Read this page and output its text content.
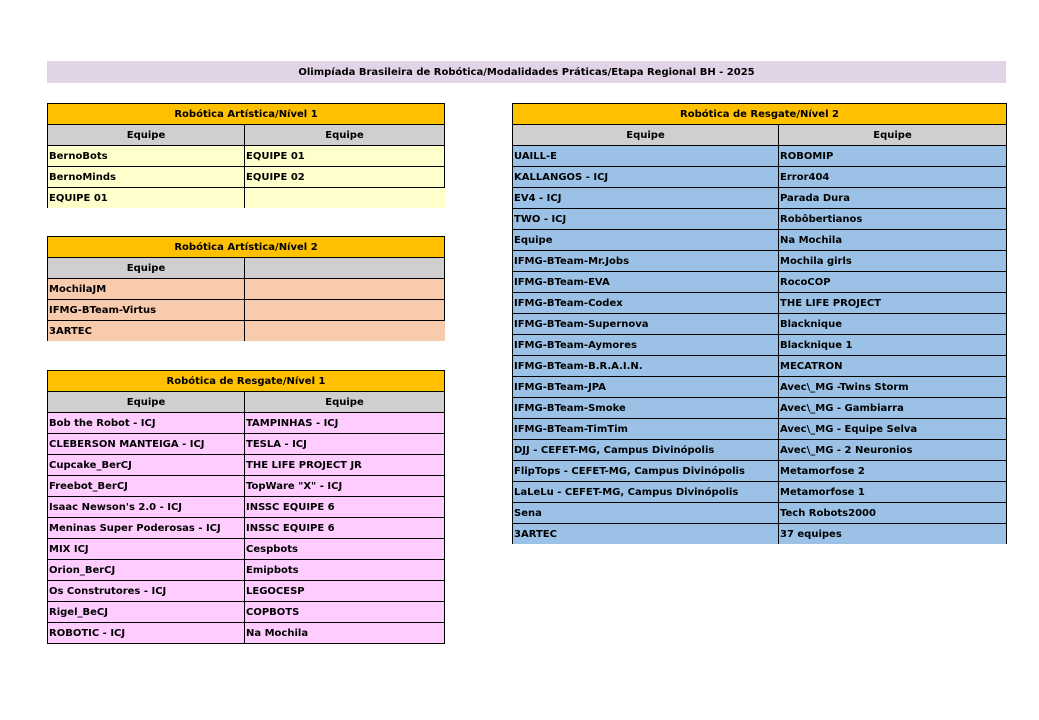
Olimpíada Brasileira de Robótica/Modalidades Práticas/Etapa Regional BH - 2025
Robótica Artística/Nível 1	
Equipe	Equipe
BernoBots	EQUIPE 01
BernoMinds	EQUIPE 02
EQUIPE 01	
Robótica Artística/Nível 2	
Equipe	
MochilaJM	
IFMG-BTeam-Virtus	
3ARTEC	
Robótica de Resgate/Nível 1	
Equipe	Equipe
Bob the Robot - ICJ	TAMPINHAS - ICJ
CLEBERSON MANTEIGA - ICJ	TESLA - ICJ
Cupcake_BerCJ	THE LIFE PROJECT JR
Freebot_BerCJ	TopWare "X" - ICJ
Isaac Newson's 2.0 - ICJ	INSSC EQUIPE 6
Meninas Super Poderosas - ICJ	INSSC EQUIPE 6
MIX ICJ	Cespbots
Orion_BerCJ	Emipbots
Os Construtores - ICJ	LEGOCESP
Rigel_BeCJ	COPBOTS
ROBOTIC - ICJ	Na Mochila
Robótica de Resgate/Nível 2	
Equipe	Equipe
UAILL-E	ROBOMIP
KALLANGOS - ICJ	Error404
EV4 - ICJ	Parada Dura
TWO - ICJ	Robôbertianos
Equipe	Na Mochila
IFMG-BTeam-Mr.Jobs	Mochila girls
IFMG-BTeam-EVA	RocoCOP
IFMG-BTeam-Codex	THE LIFE PROJECT
IFMG-BTeam-Supernova	Blacknique
IFMG-BTeam-Aymores	Blacknique 1
IFMG-BTeam-B.R.A.I.N.	MECATRON
IFMG-BTeam-JPA	Avec\_MG -Twins Storm
IFMG-BTeam-Smoke	Avec\_MG - Gambiarra
IFMG-BTeam-TimTim	Avec\_MG - Equipe Selva
DJJ - CEFET-MG, Campus Divinópolis	Avec\_MG - 2 Neuronios
FlipTops - CEFET-MG, Campus Divinópolis	Metamorfose 2
LaLeLu - CEFET-MG, Campus Divinópolis	Metamorfose 1
Sena	Tech Robots2000
3ARTEC	37 equipes
